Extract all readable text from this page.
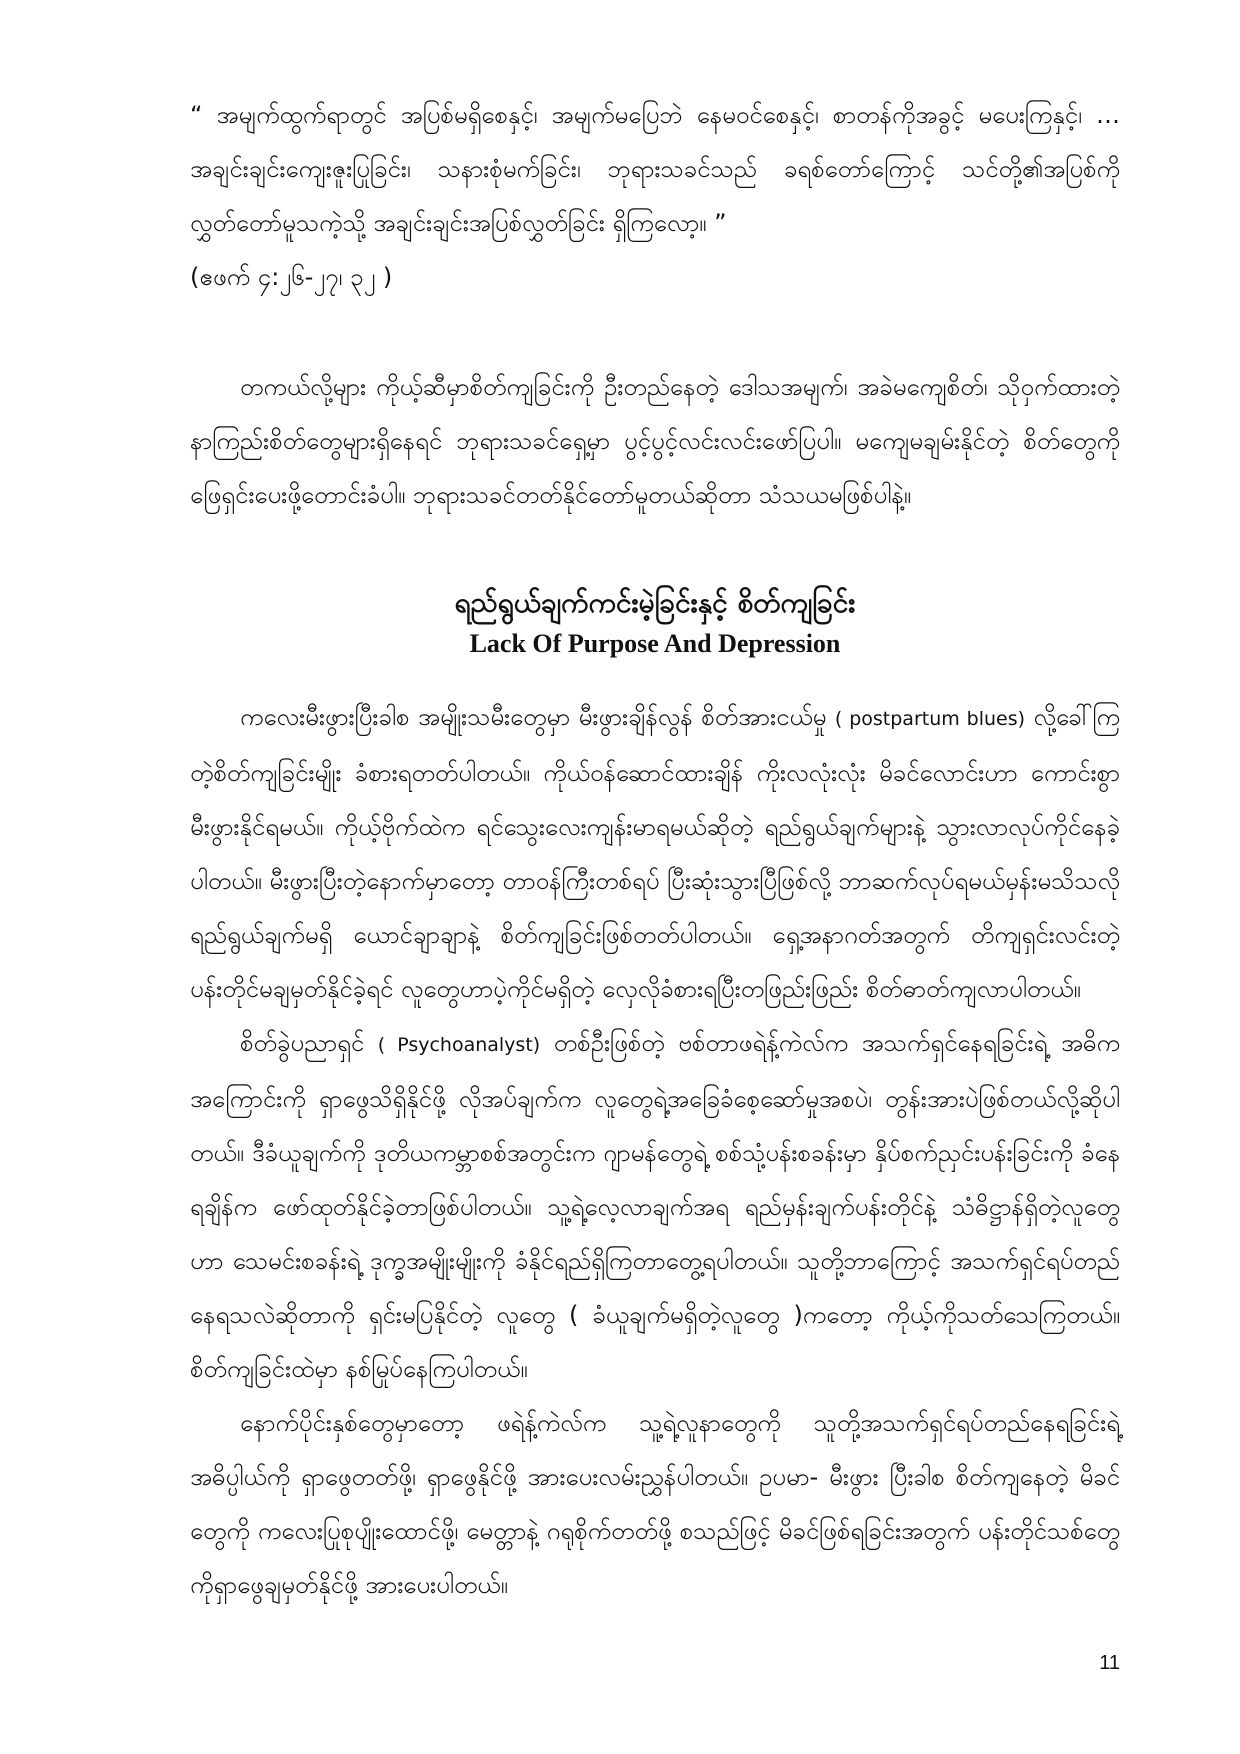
“ အမျက်ထွက်ရာတွင် အပြစ်မရှိစေနှင့်၊ အမျက်မပြေဘဲ နေမဝင်စေနှင့်၊ စာတန်ကိုအခွင့် မပေးကြနှင့်၊ … အချင်းချင်းကျေးဇူးပြုခြင်း၊ သနားစုံမက်ခြင်း၊ ဘုရားသခင်သည် ခရစ်တော်ကြောင့် သင်တို့၏အပြစ်ကို လွှတ်တော်မူသကဲ့သို့ အချင်းချင်းအပြစ်လွှတ်ခြင်း ရှိကြလော့။ ”

(ဧဖက် ၄:၂၆-၂၇၊ ၃၂ )

တကယ်လို့များ ကိုယ့်ဆီမှာစိတ်ကျခြင်းကို ဦးတည်နေတဲ့ ဒေါသအမျက်၊ အခဲမကျေစိတ်၊ သိုဝှက်ထားတဲ့ နာကြည်းစိတ်တွေများရှိနေရင် ဘုရားသခင်ရှေ့မှာ ပွင့်ပွင့်လင်းလင်းဖော်ပြပါ။ မကျေမချမ်းနိုင်တဲ့ စိတ်တွေကိုဖြေရှင်းပေးဖို့တောင်းခံပါ။ ဘုရားသခင်တတ်နိုင်တော်မူတယ်ဆိုတာ သံသယမဖြစ်ပါနဲ့။

ရည်ရွယ်ချက်ကင်းမဲ့ခြင်းနှင့် စိတ်ကျခြင်း

Lack Of Purpose And Depression

ကလေးမီးဖွားပြီးခါစ အမျိုးသမီးတွေမှာ မီးဖွားချိန်လွန် စိတ်အားငယ်မှု ( postpartum blues) လို့ခေါ်ကြတဲ့စိတ်ကျခြင်းမျိုး ခံစားရတတ်ပါတယ်။ ကိုယ်ဝန်ဆောင်ထားချိန် ကိုးလလုံးလုံး မိခင်လောင်းဟာ ကောင်းစွာမီးဖွားနိုင်ရမယ်။ ကိုယ့်ဗိုက်ထဲက ရင်သွေးလေးကျန်းမာရမယ်ဆိုတဲ့ ရည်ရွယ်ချက်များနဲ့ သွားလာလုပ်ကိုင်နေခဲ့ပါတယ်။ မီးဖွားပြီးတဲ့နောက်မှာတော့ တာဝန်ကြီးတစ်ရပ် ပြီးဆုံးသွားပြီဖြစ်လို့ ဘာဆက်လုပ်ရမယ်မှန်းမသိသလို ရည်ရွယ်ချက်မရှိ ယောင်ချာချာနဲ့ စိတ်ကျခြင်းဖြစ်တတ်ပါတယ်။ ရှေ့အနာဂတ်အတွက် တိကျရှင်းလင်းတဲ့ ပန်းတိုင်မချမှတ်နိုင်ခဲ့ရင် လူတွေဟာပဲ့ကိုင်မရှိတဲ့ လှေလိုခံစားရပြီးတဖြည်းဖြည်း စိတ်ဓာတ်ကျလာပါတယ်။

စိတ်ခွဲပညာရှင် ( Psychoanalyst) တစ်ဦးဖြစ်တဲ့ ဗစ်တာဖရဲန့်ကဲလ်က အသက်ရှင်နေရခြင်းရဲ့ အဓိကအကြောင်းကို ရှာဖွေသိရှိနိုင်ဖို့ လိုအပ်ချက်က လူတွေရဲ့အခြေခံစေ့ဆော်မှုအစပဲ၊ တွန်းအားပဲဖြစ်တယ်လို့ဆိုပါတယ်။ ဒီခံယူချက်ကို ဒုတိယကမ္ဘာစစ်အတွင်းက ဂျာမန်တွေရဲ့ စစ်သုံ့ပန်းစခန်းမှာ နှိပ်စက်ညှင်းပန်းခြင်းကို ခံနေရချိန်က ဖော်ထုတ်နိုင်ခဲ့တာဖြစ်ပါတယ်။ သူ့ရဲ့လေ့လာချက်အရ ရည်မှန်းချက်ပန်းတိုင်နဲ့ သံဓိဋ္ဌာန်ရှိတဲ့လူတွေဟာ သေမင်းစခန်းရဲ့ ဒုက္ခအမျိုးမျိုးကို ခံနိုင်ရည်ရှိကြတာတွေ့ရပါတယ်။ သူတို့ဘာကြောင့် အသက်ရှင်ရပ်တည်နေရသလဲဆိုတာကို ရှင်းမပြနိုင်တဲ့ လူတွေ ( ခံယူချက်မရှိတဲ့လူတွေ )ကတော့ ကိုယ့်ကိုသတ်သေကြတယ်။ စိတ်ကျခြင်းထဲမှာ နစ်မြုပ်နေကြပါတယ်။

နောက်ပိုင်းနှစ်တွေမှာတော့ ဖရဲန့်ကဲလ်က သူ့ရဲ့လူနာတွေကို သူတို့အသက်ရှင်ရပ်တည်နေရခြင်းရဲ့ အဓိပ္ပါယ်ကို ရှာဖွေတတ်ဖို့၊ ရှာဖွေနိုင်ဖို့ အားပေးလမ်းညွှန်ပါတယ်။ ဥပမာ- မီးဖွား ပြီးခါစ စိတ်ကျနေတဲ့ မိခင်တွေကို ကလေးပြုစုပျိုးထောင်ဖို့၊ မေတ္တာနဲ့ ဂရုစိုက်တတ်ဖို့ စသည်ဖြင့် မိခင်ဖြစ်ရခြင်းအတွက် ပန်းတိုင်သစ်တွေကိုရှာဖွေချမှတ်နိုင်ဖို့ အားပေးပါတယ်။

11
